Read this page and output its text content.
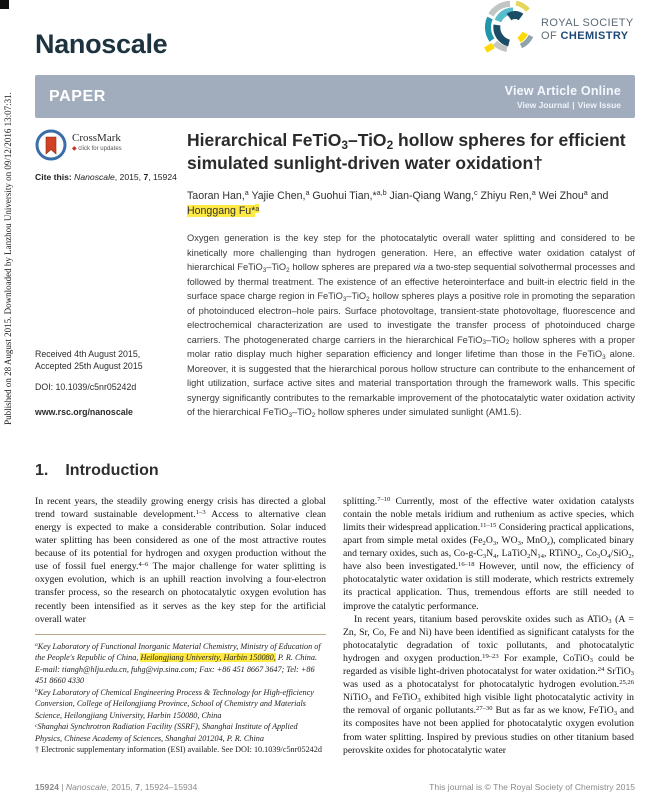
Published on 28 August 2015. Downloaded by Lanzhou University on 09/12/2016 13:07:31.
Nanoscale
ROYAL SOCIETY
OF CHEMISTRY
PAPER	View Article Online
View Journal | View Issue
CrossMark
◆ click for updates
Cite this: Nanoscale, 2015, 7, 15924
Received 4th August 2015,
Accepted 25th August 2015
DOI: 10.1039/c5nr05242d
www.rsc.org/nanoscale
Hierarchical FeTiO$_3$–TiO$_2$ hollow spheres for efficient simulated sunlight-driven water oxidation†
Taoran Han,$^a$ Yajie Chen,$^a$ Guohui Tian,*$^{a,b}$ Jian-Qiang Wang,$^c$ Zhiyu Ren,$^a$ Wei Zhou$^a$ and Honggang Fu*$^a$
Oxygen generation is the key step for the photocatalytic overall water splitting and considered to be kinetically more challenging than hydrogen generation. Here, an effective water oxidation catalyst of hierarchical FeTiO$_3$–TiO$_2$ hollow spheres are prepared via a two-step sequential solvothermal processes and followed by thermal treatment. The existence of an effective heterointerface and built-in electric field in the surface space charge region in FeTiO$_3$–TiO$_2$ hollow spheres plays a positive role in promoting the separation of photoinduced electron–hole pairs. Surface photovoltage, transient-state photovoltage, fluorescence and electrochemical characterization are used to investigate the transfer process of photoinduced charge carriers. The photogenerated charge carriers in the hierarchical FeTiO$_3$–TiO$_2$ hollow spheres with a proper molar ratio display much higher separation efficiency and longer lifetime than those in the FeTiO$_3$ alone. Moreover, it is suggested that the hierarchical porous hollow structure can contribute to the enhancement of light utilization, surface active sites and material transportation through the framework walls. This specific synergy significantly contributes to the remarkable improvement of the photocatalytic water oxidation activity of the hierarchical FeTiO$_3$–TiO$_2$ hollow spheres under simulated sunlight (AM1.5).
1. Introduction

In recent years, the steadily growing energy crisis has directed a global trend toward sustainable development.$^{1-3}$ Access to alternative clean energy is expected to make a considerable contribution. Solar induced water splitting has been considered as one of the most attractive routes because of its potential for hydrogen and oxygen production without the use of fossil fuel energy.$^{4-6}$ The major challenge for water splitting is oxygen evolution, which is an uphill reaction involving a four-electron transfer process, so the research on photocatalytic oxygen evolution has recently been intensified as it serves as the key step for the artificial overall water

$^a$Key Laboratory of Functional Inorganic Material Chemistry, Ministry of Education of the People's Republic of China, Heilongjiang University, Harbin 150080, P. R. China. E-mail: tiangh@hlju.edu.cn, fuhg@vip.sina.com; Fax: +86 451 8667 3647; Tel: +86 451 8660 4330

$^b$Key Laboratory of Chemical Engineering Process & Technology for High-efficiency Conversion, College of Heilongjiang Province, School of Chemistry and Materials Science, Heilongjiang University, Harbin 150080, China

$^c$Shanghai Synchrotron Radiation Facility (SSRF), Shanghai Institute of Applied Physics, Chinese Academy of Sciences, Shanghai 201204, P. R. China

† Electronic supplementary information (ESI) available. See DOI: 10.1039/c5nr05242d

splitting.$^{7-10}$ Currently, most of the effective water oxidation catalysts contain the noble metals iridium and ruthenium as active species, which limits their widespread application.$^{11-15}$ Considering practical applications, apart from simple metal oxides ($Fe_2O_3$, $WO_3$, MnO$_x$), complicated binary and ternary oxides, such as, $Co-g-C_3N_4$, $LaTiO_2N_{14}$, RTiNO$_2$, $Co_3O_4/SiO_2$, have also been investigated.$^{16-18}$ However, until now, the efficiency of photocatalytic water oxidation is still moderate, which restricts extremely its practical application. Thus, tremendous efforts are still needed to improve the catalytic performance.

In recent years, titanium based perovskite oxides such as ATiO$_3$ (A = Zn, Sr, Co, Fe and Ni) have been identified as significant catalysts for the photocatalytic degradation of toxic pollutants, and photocatalytic hydrogen and oxygen production.$^{19-23}$ For example, CoTiO$_3$ could be regarded as visible light-driven photocatalyst for water oxidation.$^{24}$ SrTiO$_3$ was used as a photocatalyst for photocatalytic hydrogen evolution.$^{25,26}$ NiTiO$_3$ and FeTiO$_3$ exhibited high visible light photocatalytic activity in the removal of organic pollutants.$^{27-30}$ But as far as we know, FeTiO$_3$ and its composites have not been applied for photocatalytic oxygen evolution from water splitting. Inspired by previous studies on other titanium based perovskite oxides for photocatalytic water

15924 | Nanoscale, 2015, 7, 15924–15934	This journal is © The Royal Society of Chemistry 2015
